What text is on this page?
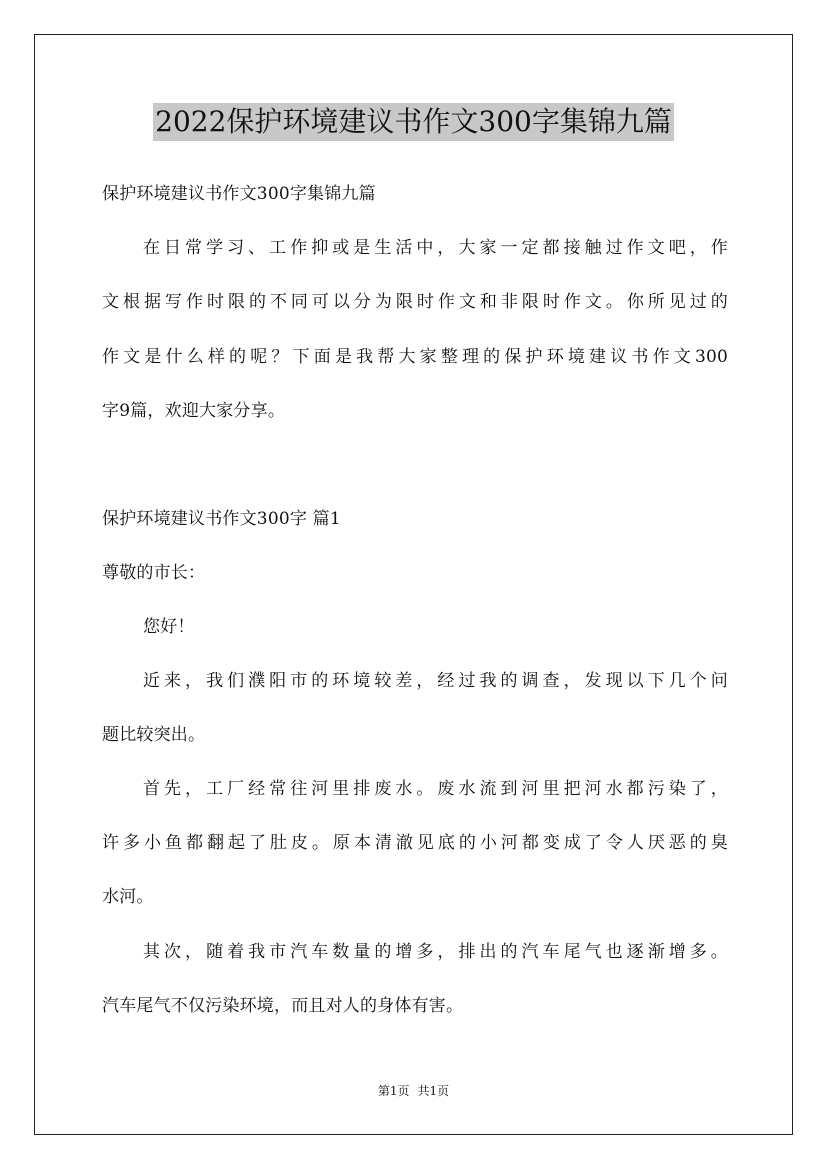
2022保护环境建议书作文300字集锦九篇
保护环境建议书作文300字集锦九篇
在日常学习、工作抑或是生活中，大家一定都接触过作文吧，作
文根据写作时限的不同可以分为限时作文和非限时作文。你所见过的
作文是什么样的呢？下面是我帮大家整理的保护环境建议书作文300
字9篇，欢迎大家分享。
保护环境建议书作文300字 篇1
尊敬的市长：
您好！
近来，我们濮阳市的环境较差，经过我的调查，发现以下几个问
题比较突出。
首先，工厂经常往河里排废水。废水流到河里把河水都污染了，
许多小鱼都翻起了肚皮。原本清澈见底的小河都变成了令人厌恶的臭
水河。
其次，随着我市汽车数量的增多，排出的汽车尾气也逐渐增多。
汽车尾气不仅污染环境，而且对人的身体有害。
第1页 共1页
